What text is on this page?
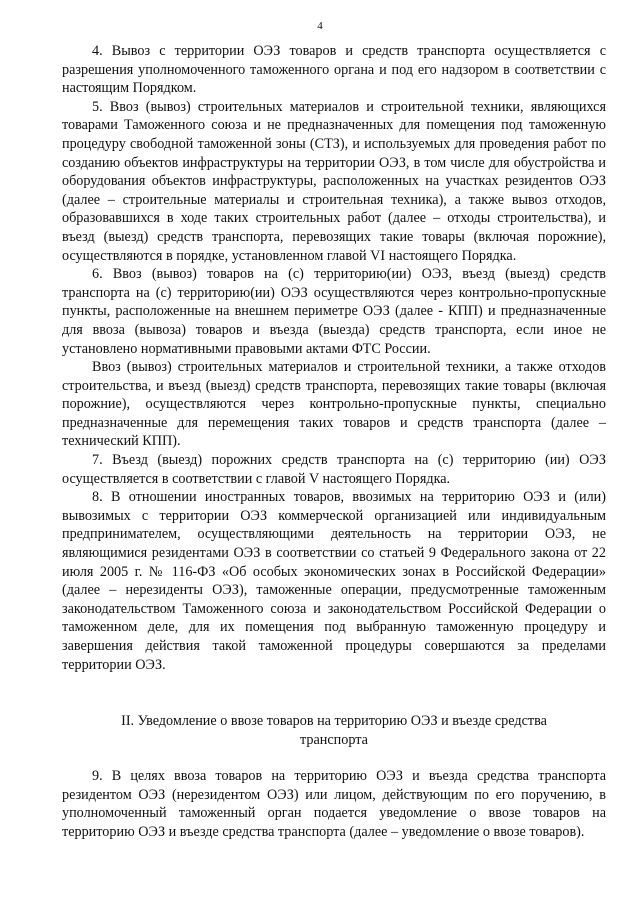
4

4. Вывоз с территории ОЭЗ товаров и средств транспорта осуществляется с разрешения уполномоченного таможенного органа и под его надзором в соответствии с настоящим Порядком.

5. Ввоз (вывоз) строительных материалов и строительной техники, являющихся товарами Таможенного союза и не предназначенных для помещения под таможенную процедуру свободной таможенной зоны (СТЗ), и используемых для проведения работ по созданию объектов инфраструктуры на территории ОЭЗ, в том числе для обустройства и оборудования объектов инфраструктуры, расположенных на участках резидентов ОЭЗ (далее – строительные материалы и строительная техника), а также вывоз отходов, образовавшихся в ходе таких строительных работ (далее – отходы строительства), и въезд (выезд) средств транспорта, перевозящих такие товары (включая порожние), осуществляются в порядке, установленном главой VI настоящего Порядка.

6. Ввоз (вывоз) товаров на (с) территорию(ии) ОЭЗ, въезд (выезд) средств транспорта на (с) территорию(ии) ОЭЗ осуществляются через контрольно-пропускные пункты, расположенные на внешнем периметре ОЭЗ (далее - КПП) и предназначенные для ввоза (вывоза) товаров и въезда (выезда) средств транспорта, если иное не установлено нормативными правовыми актами ФТС России.

Ввоз (вывоз) строительных материалов и строительной техники, а также отходов строительства, и въезд (выезд) средств транспорта, перевозящих такие товары (включая порожние), осуществляются через контрольно-пропускные пункты, специально предназначенные для перемещения таких товаров и средств транспорта (далее – технический КПП).

7. Въезд (выезд) порожних средств транспорта на (с) территорию (ии) ОЭЗ осуществляется в соответствии с главой V настоящего Порядка.

8. В отношении иностранных товаров, ввозимых на территорию ОЭЗ и (или) вывозимых с территории ОЭЗ коммерческой организацией или индивидуальным предпринимателем, осуществляющими деятельность на территории ОЭЗ, не являющимися резидентами ОЭЗ в соответствии со статьей 9 Федерального закона от 22 июля 2005 г. № 116-ФЗ «Об особых экономических зонах в Российской Федерации» (далее – нерезиденты ОЭЗ), таможенные операции, предусмотренные таможенным законодательством Таможенного союза и законодательством Российской Федерации о таможенном деле, для их помещения под выбранную таможенную процедуру и завершения действия такой таможенной процедуры совершаются за пределами территории ОЭЗ.

II. Уведомление о ввозе товаров на территорию ОЭЗ и въезде средства

транспорта

9. В целях ввоза товаров на территорию ОЭЗ и въезда средства транспорта резидентом ОЭЗ (нерезидентом ОЭЗ) или лицом, действующим по его поручению, в уполномоченный таможенный орган подается уведомление о ввозе товаров на территорию ОЭЗ и въезде средства транспорта (далее – уведомление о ввозе товаров).
